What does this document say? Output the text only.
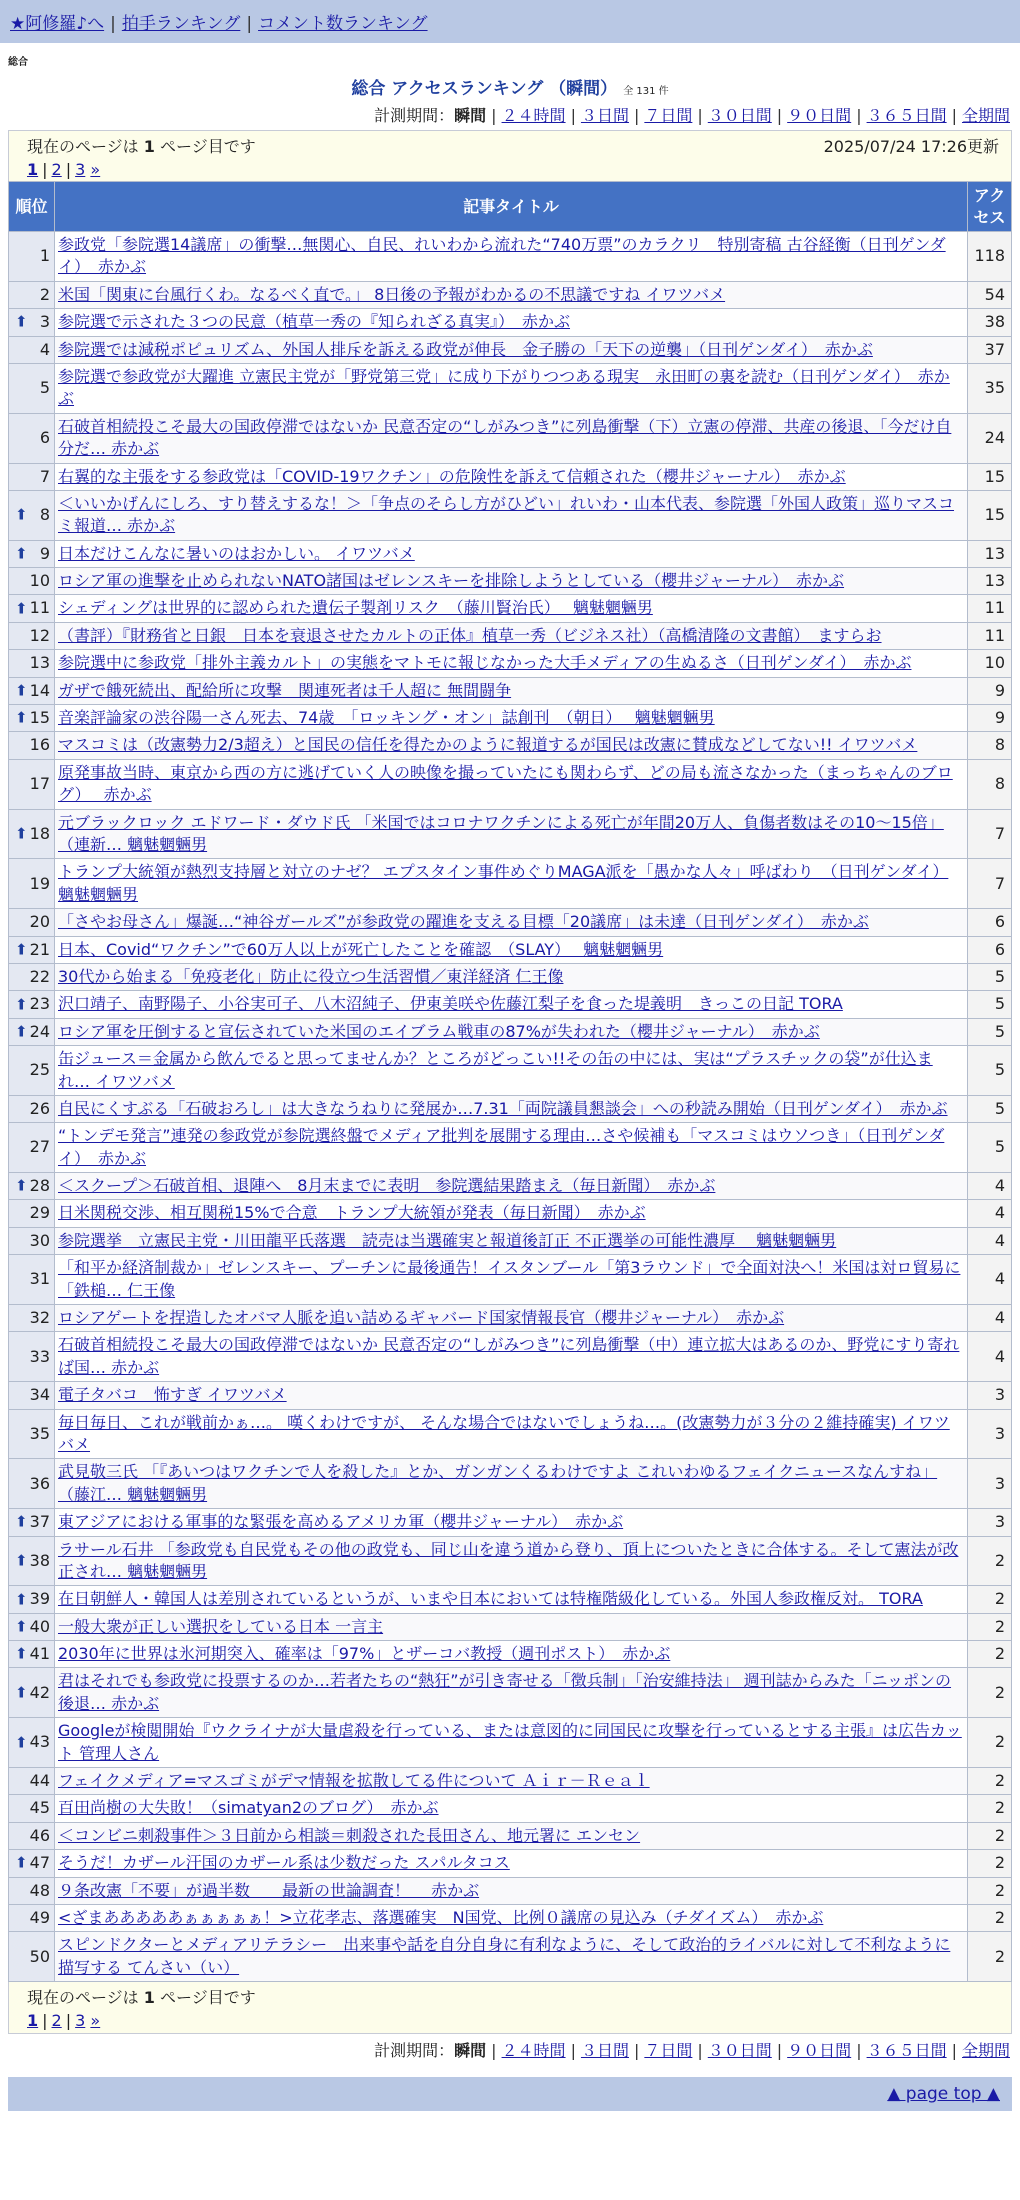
★阿修羅♪へ | 拍手ランキング | コメント数ランキング
総合
総合 アクセスランキング （瞬間） 全 131 件
計測期間：瞬間 | ２４時間 | ３日間 | ７日間 | ３０日間 | ９０日間 | ３６５日間 | 全期間
現在のページは 1 ページ目です	2025/07/24 17:26更新
1 | 2 | 3 »
順位	記事タイトル	アクセス
1	参政党「参院選14議席」の衝撃…無関心、自民、れいわから流れた“740万票”のカラクリ　特別寄稿 古谷経衡（日刊ゲンダイ）　赤かぶ	118
2	米国「関東に台風行くわ。なるべく直で。」 8日後の予報がわかるの不思議ですね イワツバメ	54

⬆ 3	参院選で示された３つの民意（植草一秀の『知られざる真実』）　赤かぶ	38
4	参院選では減税ポピュリズム、外国人排斥を訴える政党が伸長　金子勝の「天下の逆襲」（日刊ゲンダイ）　赤かぶ	37
5	参院選で参政党が大躍進 立憲民主党が「野党第三党」に成り下がりつつある現実　永田町の裏を読む（日刊ゲンダイ）　赤かぶ	35
6	石破首相続投こそ最大の国政停滞ではないか 民意否定の“しがみつき”に列島衝撃（下）立憲の停滞、共産の後退、「今だけ自分だ… 赤かぶ	24
7	右翼的な主張をする参政党は「COVID-19ワクチン」の危険性を訴えて信頼された（櫻井ジャーナル）　赤かぶ	15

⬆ 8	＜いいかげんにしろ、すり替えするな！＞「争点のそらし方がひどい」れいわ・山本代表、参院選「外国人政策」巡りマスコミ報道… 赤かぶ	15

⬆ 9	日本だけこんなに暑いのはおかしい。 イワツバメ	13
10	ロシア軍の進撃を止められないNATO諸国はゼレンスキーを排除しようとしている（櫻井ジャーナル）　赤かぶ	13

⬆ 11	シェディングは世界的に認められた遺伝子製剤リスク　（藤川賢治氏）　 魑魅魍魎男	11
12	（書評）『財務省と日銀　日本を衰退させたカルトの正体』植草一秀（ビジネス社）（高橋清隆の文書館）　ますらお	11
13	参院選中に参政党「排外主義カルト」の実態をマトモに報じなかった大手メディアの生ぬるさ（日刊ゲンダイ）　赤かぶ	10

⬆ 14	ガザで餓死続出、配給所に攻撃　関連死者は千人超に 無間闘争	9

⬆ 15	音楽評論家の渋谷陽一さん死去、74歳　「ロッキング・オン」誌創刊　（朝日）　 魑魅魍魎男	9
16	マスコミは（改憲勢力2/3超え）と国民の信任を得たかのように報道するが国民は改憲に賛成などしてない!! イワツバメ	8
17	原発事故当時、東京から西の方に逃げていく人の映像を撮っていたにも関わらず、どの局も流さなかった（まっちゃんのブログ）　 赤かぶ	8

⬆ 18	元ブラックロック エドワード・ダウド氏 「米国ではコロナワクチンによる死亡が年間20万人、負傷者数はその10～15倍」 （連新… 魑魅魍魎男	7
19	トランプ大統領が熱烈支持層と対立のナゼ？ エプスタイン事件めぐりMAGA派を「愚かな人々」呼ばわり　（日刊ゲンダイ） 魑魅魍魎男	7
20	「さやお母さん」爆誕…“神谷ガールズ”が参政党の躍進を支える目標「20議席」は未達（日刊ゲンダイ）　赤かぶ	6

⬆ 21	日本、Covid“ワクチン”で60万人以上が死亡したことを確認　（SLAY）　 魑魅魍魎男	6
22	30代から始まる「免疫老化」防止に役立つ生活習慣／東洋経済 仁王像	5

⬆ 23	沢口靖子、南野陽子、小谷実可子、八木沼純子、伊東美咲や佐藤江梨子を食った堤義明　きっこの日記 TORA	5

⬆ 24	ロシア軍を圧倒すると宣伝されていた米国のエイブラム戦車の87%が失われた（櫻井ジャーナル）　赤かぶ	5
25	缶ジュース＝金属から飲んでると思ってませんか？ところがどっこい!!その缶の中には、実は“プラスチックの袋”が仕込まれ… イワツバメ	5
26	自民にくすぶる「石破おろし」は大きなうねりに発展か…7.31「両院議員懇談会」への秒読み開始（日刊ゲンダイ）　赤かぶ	5
27	“トンデモ発言”連発の参政党が参院選終盤でメディア批判を展開する理由…さや候補も「マスコミはウソつき」（日刊ゲンダイ）　赤かぶ	5

⬆ 28	＜スクープ＞石破首相、退陣へ　8月末までに表明　参院選結果踏まえ（毎日新聞）　赤かぶ	4
29	日米関税交渉、相互関税15%で合意　トランプ大統領が発表（毎日新聞）　赤かぶ	4
30	参院選挙　立憲民主党・川田龍平氏落選　読売は当選確実と報道後訂正 不正選挙の可能性濃厚　 魑魅魍魎男	4
31	「和平か経済制裁か」ゼレンスキー、プーチンに最後通告！イスタンブール「第3ラウンド」で全面対決へ！米国は対ロ貿易に「鉄槌… 仁王像	4
32	ロシアゲートを捏造したオバマ人脈を追い詰めるギャバード国家情報長官（櫻井ジャーナル）　赤かぶ	4
33	石破首相続投こそ最大の国政停滞ではないか 民意否定の“しがみつき”に列島衝撃（中）連立拡大はあるのか、野党にすり寄れば国… 赤かぶ	4
34	電子タバコ　怖すぎ イワツバメ	3
35	毎日毎日、これが戦前かぁ…。 嘆くわけですが、 そんな場合ではないでしょうね…。(改憲勢力が３分の２維持確実) イワツバメ	3
36	武見敬三氏 「『あいつはワクチンで人を殺した』とか、ガンガンくるわけですよ これいわゆるフェイクニュースなんすね」 （藤江… 魑魅魍魎男	3

⬆ 37	東アジアにおける軍事的な緊張を高めるアメリカ軍（櫻井ジャーナル）　赤かぶ	3

⬆ 38	ラサール石井 「参政党も自民党もその他の政党も、同じ山を違う道から登り、頂上についたときに合体する。そして憲法が改正され… 魑魅魍魎男	2

⬆ 39	在日朝鮮人・韓国人は差別されているというが、いまや日本においては特権階級化している。外国人参政権反対。 TORA	2

⬆ 40	一般大衆が正しい選択をしている日本 一言主	2

⬆ 41	2030年に世界は氷河期突入、確率は「97%」とザーコバ教授（週刊ポスト）　赤かぶ	2

⬆ 42	君はそれでも参政党に投票するのか…若者たちの“熱狂”が引き寄せる「徴兵制」「治安維持法」 週刊誌からみた「ニッポンの後退… 赤かぶ	2

⬆ 43	Googleが検閲開始『ウクライナが大量虐殺を行っている、または意図的に同国民に攻撃を行っているとする主張』は広告カット 管理人さん	2
44	フェイクメディア=マスゴミがデマ情報を拡散してる件について Ａｉｒ－Ｒｅａｌ	2
45	百田尚樹の大失敗！（simatyan2のブログ）　赤かぶ	2
46	＜コンビニ刺殺事件＞３日前から相談＝刺殺された長田さん、地元署に エンセン	2

⬆ 47	そうだ！カザール汗国のカザール系は少数だった スパルタコス	2
48	９条改憲「不要」が過半数　　最新の世論調査！　 赤かぶ	2
49	<ざまあああああぁぁぁぁぁ！>立花孝志、落選確実　N国党、比例０議席の見込み（チダイズム）　赤かぶ	2
50	スピンドクターとメディアリテラシー　出来事や話を自分自身に有利なように、そして政治的ライバルに対して不利なように描写する てんさい（い）	2
現在のページは 1 ページ目です
1 | 2 | 3 »
計測期間：瞬間 | ２４時間 | ３日間 | ７日間 | ３０日間 | ９０日間 | ３６５日間 | 全期間
▲ page top ▲
